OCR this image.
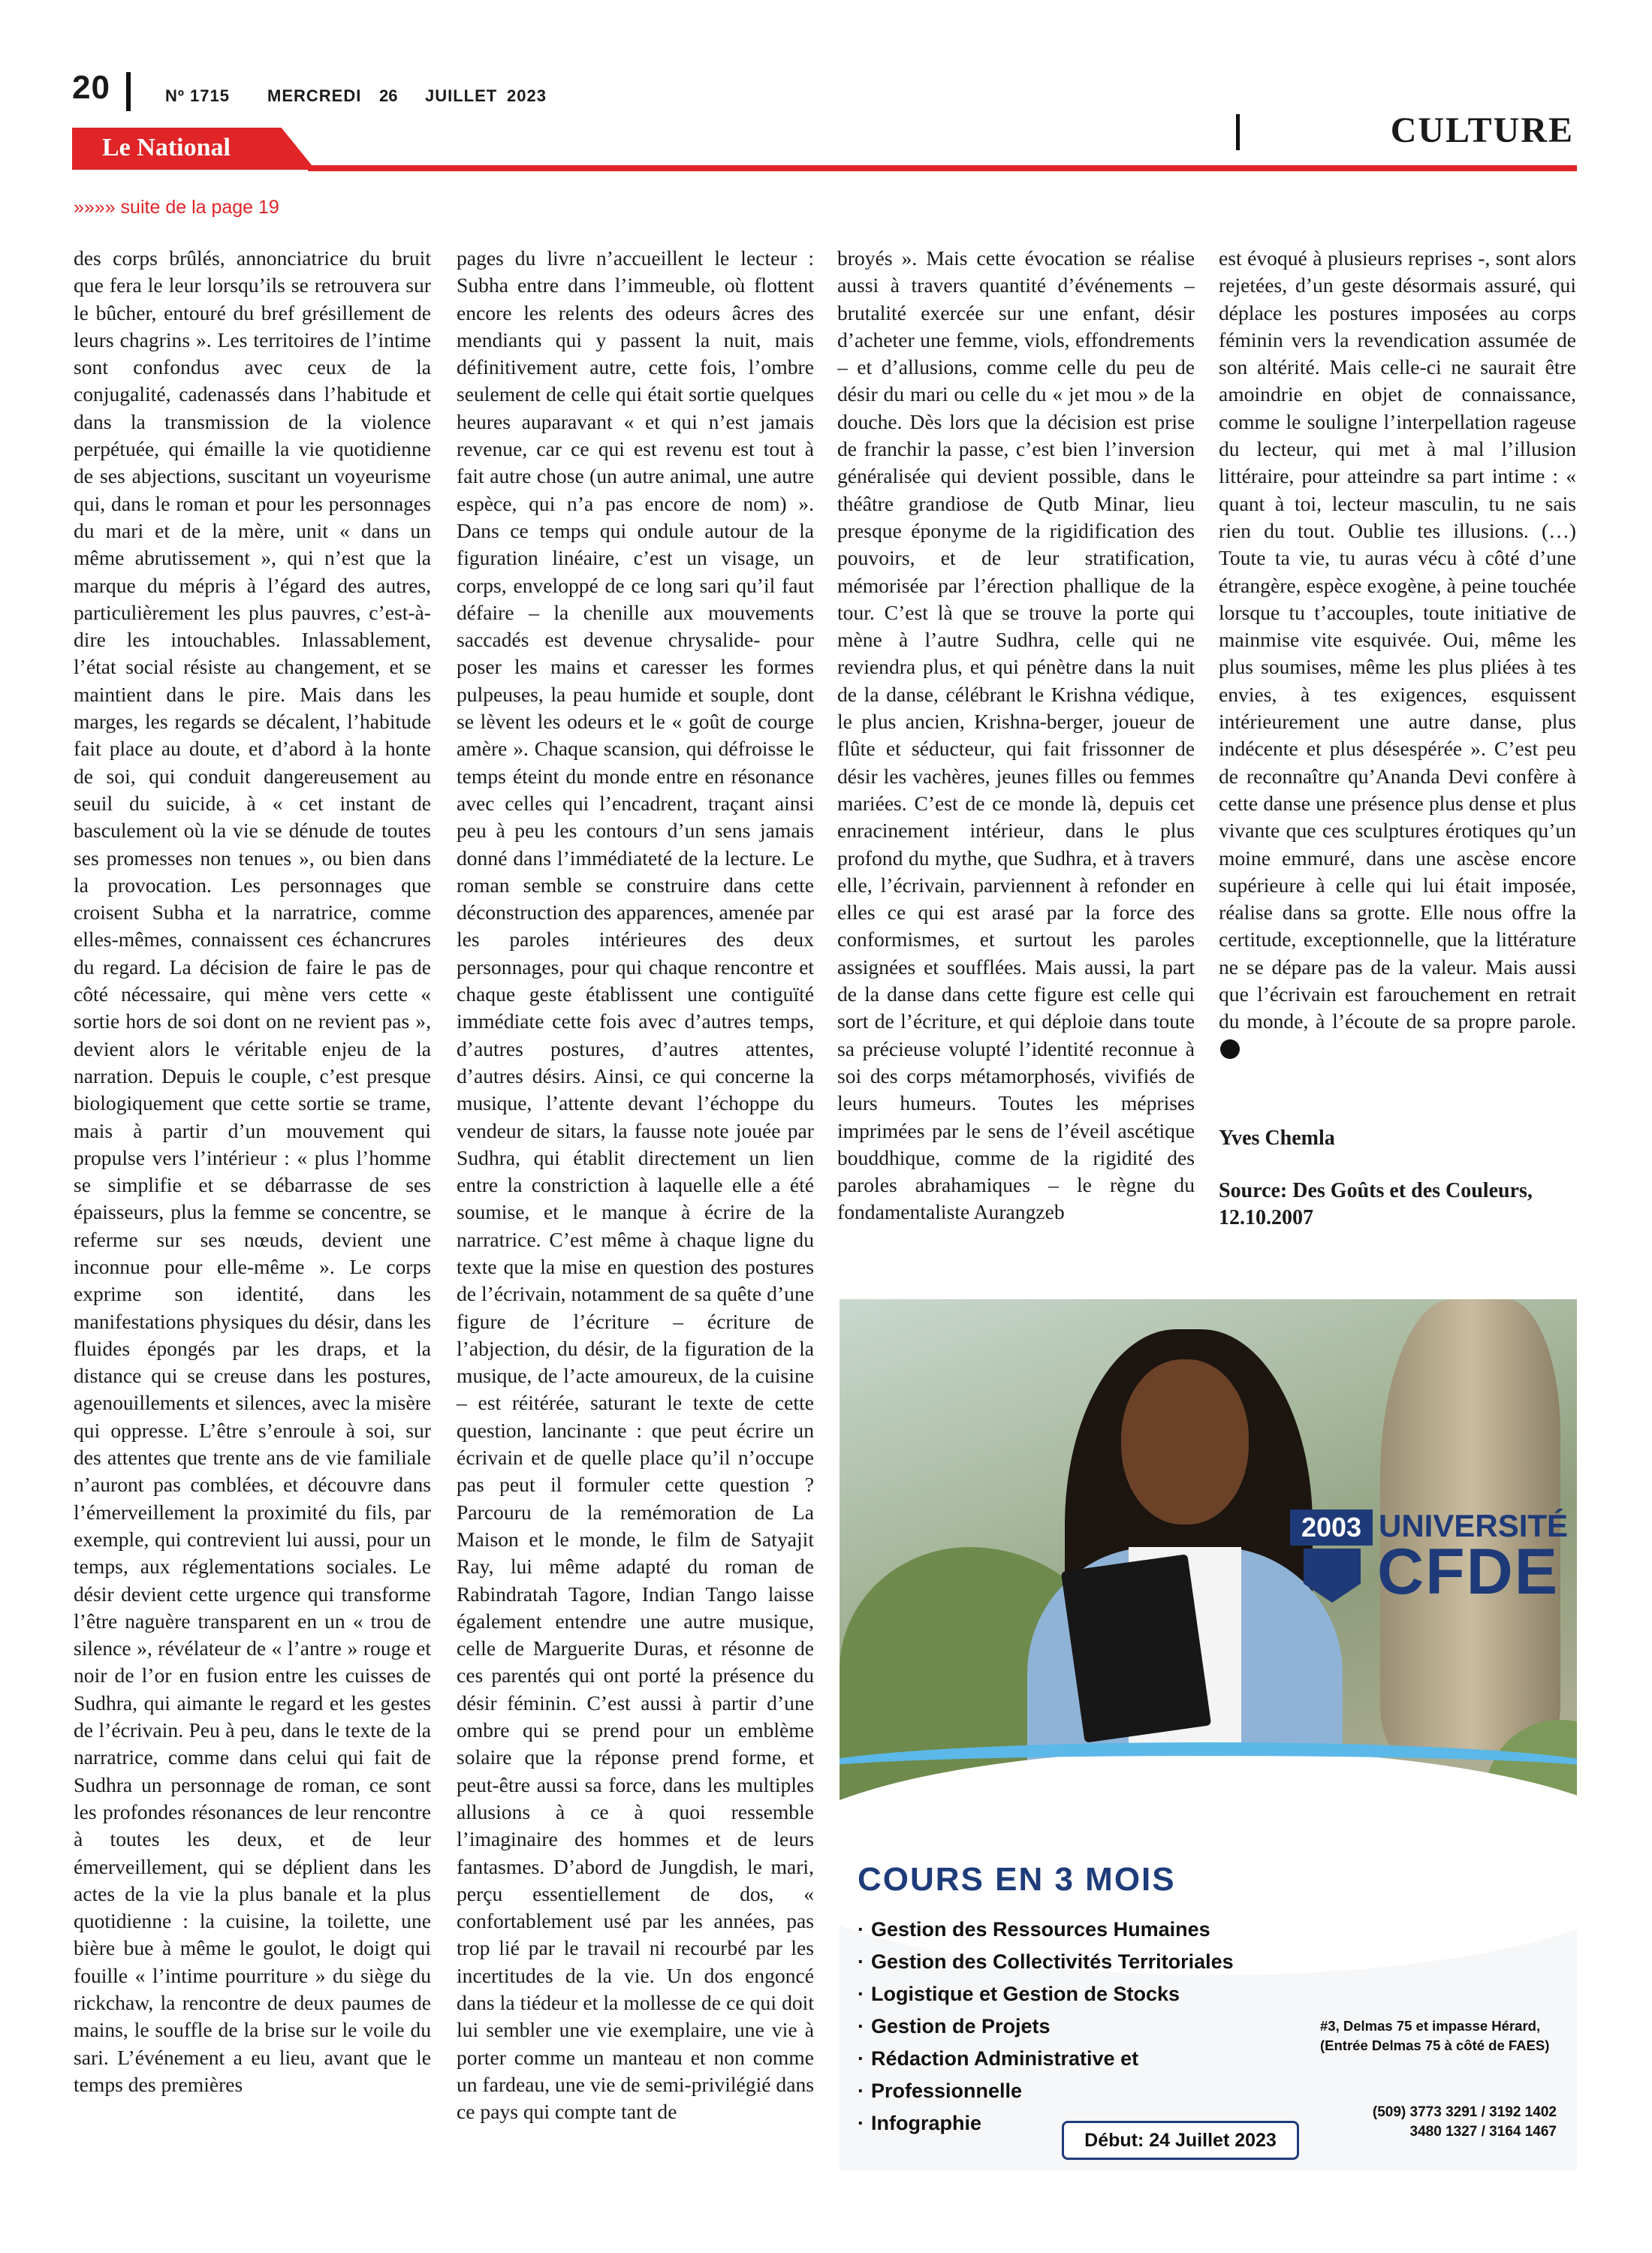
20	Nº 1715 MERCREDI 26 JUILLET 2023
Le National	CULTURE
»»»» suite de la page 19

des corps brûlés, annonciatrice du bruit que fera le leur lorsqu’ils se retrouvera sur le bûcher, entouré du bref grésillement de leurs chagrins ». Les territoires de l’intime sont confondus avec ceux de la conjugalité, cadenassés dans l’habitude et dans la transmission de la violence perpétuée, qui émaille la vie quotidienne de ses abjections, suscitant un voyeurisme qui, dans le roman et pour les personnages du mari et de la mère, unit « dans un même abrutissement », qui n’est que la marque du mépris à l’égard des autres, particulièrement les plus pauvres, c’est-à-dire les intouchables. Inlassablement, l’état social résiste au changement, et se maintient dans le pire. Mais dans les marges, les regards se décalent, l’habitude fait place au doute, et d’abord à la honte de soi, qui conduit dangereusement au seuil du suicide, à « cet instant de basculement où la vie se dénude de toutes ses promesses non tenues », ou bien dans la provocation. Les personnages que croisent Subha et la narratrice, comme elles-mêmes, connaissent ces échancrures du regard. La décision de faire le pas de côté nécessaire, qui mène vers cette « sortie hors de soi dont on ne revient pas », devient alors le véritable enjeu de la narration. Depuis le couple, c’est presque biologiquement que cette sortie se trame, mais à partir d’un mouvement qui propulse vers l’intérieur : « plus l’homme se simplifie et se débarrasse de ses épaisseurs, plus la femme se concentre, se referme sur ses nœuds, devient une inconnue pour elle-même ». Le corps exprime son identité, dans les manifestations physiques du désir, dans les fluides épongés par les draps, et la distance qui se creuse dans les postures, agenouillements et silences, avec la misère qui oppresse. L’être s’enroule à soi, sur des attentes que trente ans de vie familiale n’auront pas comblées, et découvre dans l’émerveillement la proximité du fils, par exemple, qui contrevient lui aussi, pour un temps, aux réglementations sociales. Le désir devient cette urgence qui transforme l’être naguère transparent en un « trou de silence », révélateur de « l’antre » rouge et noir de l’or en fusion entre les cuisses de Sudhra, qui aimante le regard et les gestes de l’écrivain. Peu à peu, dans le texte de la narratrice, comme dans celui qui fait de Sudhra un personnage de roman, ce sont les profondes résonances de leur rencontre à toutes les deux, et de leur émerveillement, qui se déplient dans les actes de la vie la plus banale et la plus quotidienne : la cuisine, la toilette, une bière bue à même le goulot, le doigt qui fouille « l’intime pourriture » du siège du rickchaw, la rencontre de deux paumes de mains, le souffle de la brise sur le voile du sari. L’événement a eu lieu, avant que le temps des premières

pages du livre n’accueillent le lecteur : Subha entre dans l’immeuble, où flottent encore les relents des odeurs âcres des mendiants qui y passent la nuit, mais définitivement autre, cette fois, l’ombre seulement de celle qui était sortie quelques heures auparavant « et qui n’est jamais revenue, car ce qui est revenu est tout à fait autre chose (un autre animal, une autre espèce, qui n’a pas encore de nom) ». Dans ce temps qui ondule autour de la figuration linéaire, c’est un visage, un corps, enveloppé de ce long sari qu’il faut défaire – la chenille aux mouvements saccadés est devenue chrysalide- pour poser les mains et caresser les formes pulpeuses, la peau humide et souple, dont se lèvent les odeurs et le « goût de courge amère ». Chaque scansion, qui défroisse le temps éteint du monde entre en résonance avec celles qui l’encadrent, traçant ainsi peu à peu les contours d’un sens jamais donné dans l’immédiateté de la lecture. Le roman semble se construire dans cette déconstruction des apparences, amenée par les paroles intérieures des deux personnages, pour qui chaque rencontre et chaque geste établissent une contiguïté immédiate cette fois avec d’autres temps, d’autres postures, d’autres attentes, d’autres désirs. Ainsi, ce qui concerne la musique, l’attente devant l’échoppe du vendeur de sitars, la fausse note jouée par Sudhra, qui établit directement un lien entre la constriction à laquelle elle a été soumise, et le manque à écrire de la narratrice. C’est même à chaque ligne du texte que la mise en question des postures de l’écrivain, notamment de sa quête d’une figure de l’écriture – écriture de l’abjection, du désir, de la figuration de la musique, de l’acte amoureux, de la cuisine – est réitérée, saturant le texte de cette question, lancinante : que peut écrire un écrivain et de quelle place qu’il n’occupe pas peut il formuler cette question ? Parcouru de la remémoration de La Maison et le monde, le film de Satyajit Ray, lui même adapté du roman de Rabindratah Tagore, Indian Tango laisse également entendre une autre musique, celle de Marguerite Duras, et résonne de ces parentés qui ont porté la présence du désir féminin. C’est aussi à partir d’une ombre qui se prend pour un emblème solaire que la réponse prend forme, et peut-être aussi sa force, dans les multiples allusions à ce à quoi ressemble l’imaginaire des hommes et de leurs fantasmes. D’abord de Jungdish, le mari, perçu essentiellement de dos, « confortablement usé par les années, pas trop lié par le travail ni recourbé par les incertitudes de la vie. Un dos engoncé dans la tiédeur et la mollesse de ce qui doit lui sembler une vie exemplaire, une vie à porter comme un manteau et non comme un fardeau, une vie de semi-privilégié dans ce pays qui compte tant de

broyés ». Mais cette évocation se réalise aussi à travers quantité d’événements – brutalité exercée sur une enfant, désir d’acheter une femme, viols, effondrements – et d’allusions, comme celle du peu de désir du mari ou celle du « jet mou » de la douche. Dès lors que la décision est prise de franchir la passe, c’est bien l’inversion généralisée qui devient possible, dans le théâtre grandiose de Qutb Minar, lieu presque éponyme de la rigidification des pouvoirs, et de leur stratification, mémorisée par l’érection phallique de la tour. C’est là que se trouve la porte qui mène à l’autre Sudhra, celle qui ne reviendra plus, et qui pénètre dans la nuit de la danse, célébrant le Krishna védique, le plus ancien, Krishna-berger, joueur de flûte et séducteur, qui fait frissonner de désir les vachères, jeunes filles ou femmes mariées. C’est de ce monde là, depuis cet enracinement intérieur, dans le plus profond du mythe, que Sudhra, et à travers elle, l’écrivain, parviennent à refonder en elles ce qui est arasé par la force des conformismes, et surtout les paroles assignées et soufflées. Mais aussi, la part de la danse dans cette figure est celle qui sort de l’écriture, et qui déploie dans toute sa précieuse volupté l’identité reconnue à soi des corps métamorphosés, vivifiés de leurs humeurs. Toutes les méprises imprimées par le sens de l’éveil ascétique bouddhique, comme de la rigidité des paroles abrahamiques – le règne du fondamentaliste Aurangzeb

est évoqué à plusieurs reprises -, sont alors rejetées, d’un geste désormais assuré, qui déplace les postures imposées au corps féminin vers la revendication assumée de son altérité. Mais celle-ci ne saurait être amoindrie en objet de connaissance, comme le souligne l’interpellation rageuse du lecteur, qui met à mal l’illusion littéraire, pour atteindre sa part intime : « quant à toi, lecteur masculin, tu ne sais rien du tout. Oublie tes illusions. (…) Toute ta vie, tu auras vécu à côté d’une étrangère, espèce exogène, à peine touchée lorsque tu t’accouples, toute initiative de mainmise vite esquivée. Oui, même les plus soumises, même les plus pliées à tes envies, à tes exigences, esquissent intérieurement une autre danse, plus indécente et plus désespérée ». C’est peu de reconnaître qu’Ananda Devi confère à cette danse une présence plus dense et plus vivante que ces sculptures érotiques qu’un moine emmuré, dans une ascèse encore supérieure à celle qui lui était imposée, réalise dans sa grotte. Elle nous offre la certitude, exceptionnelle, que la littérature ne se dépare pas de la valeur. Mais aussi que l’écrivain est farouchement en retrait du monde, à l’écoute de sa propre parole.

Yves Chemla
Source: Des Goûts et des Couleurs, 12.10.2007
2003 UNIVERSITÉ
CFDE
COURS EN 3 MOIS
· Gestion des Ressources Humaines
· Gestion des Collectivités Territoriales
· Logistique et Gestion de Stocks
· Gestion de Projets
· Rédaction Administrative et
· Professionnelle
· Infographie
#3, Delmas 75 et impasse Hérard,
(Entrée Delmas 75 à côté de FAES)
(509) 3773 3291 / 3192 1402
3480 1327 / 3164 1467
Début: 24 Juillet 2023
